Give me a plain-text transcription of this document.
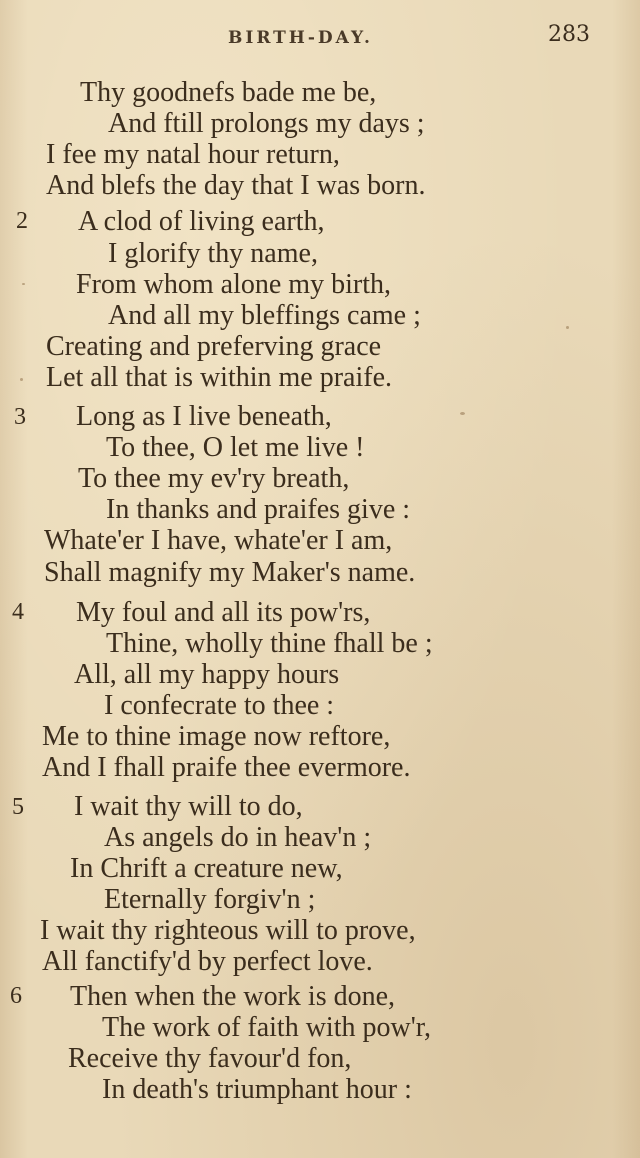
BIRTH-DAY.	283
Thy goodnefs bade me be,
And ftill prolongs my days ;
I fee my natal hour return,
And blefs the day that I was born.
2 A clod of living earth,
I glorify thy name,
From whom alone my birth,
And all my bleffings came ;
Creating and preferving grace
Let all that is within me praife.
3 Long as I live beneath,
To thee, O let me live !
To thee my ev'ry breath,
In thanks and praifes give :
Whate'er I have, whate'er I am,
Shall magnify my Maker's name.
4 My foul and all its pow'rs,
Thine, wholly thine fhall be ;
All, all my happy hours
I confecrate to thee :
Me to thine image now reftore,
And I fhall praife thee evermore.
5 I wait thy will to do,
As angels do in heav'n ;
In Chrift a creature new,
Eternally forgiv'n ;
I wait thy righteous will to prove,
All fanctify'd by perfect love.
6 Then when the work is done,
The work of faith with pow'r,
Receive thy favour'd fon,
In death's triumphant hour :
